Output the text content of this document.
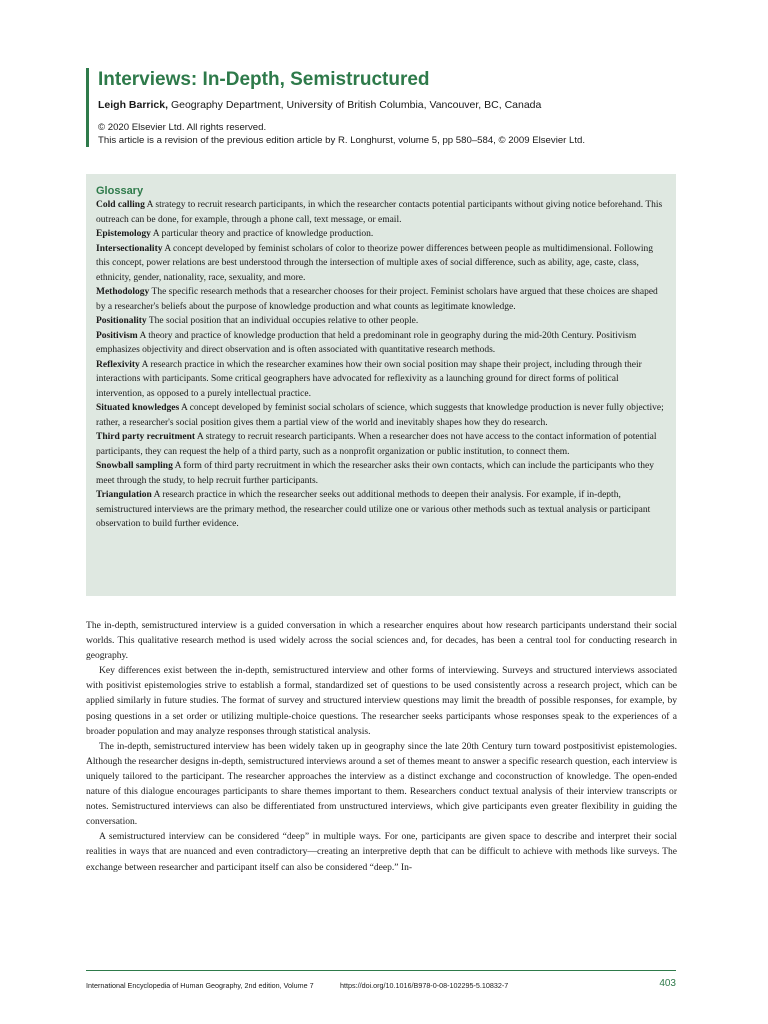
Interviews: In-Depth, Semistructured
Leigh Barrick, Geography Department, University of British Columbia, Vancouver, BC, Canada
© 2020 Elsevier Ltd. All rights reserved.
This article is a revision of the previous edition article by R. Longhurst, volume 5, pp 580–584, © 2009 Elsevier Ltd.
Glossary

Cold calling A strategy to recruit research participants, in which the researcher contacts potential participants without giving notice beforehand. This outreach can be done, for example, through a phone call, text message, or email.

Epistemology A particular theory and practice of knowledge production.

Intersectionality A concept developed by feminist scholars of color to theorize power differences between people as multidimensional. Following this concept, power relations are best understood through the intersection of multiple axes of social difference, such as ability, age, caste, class, ethnicity, gender, nationality, race, sexuality, and more.

Methodology The specific research methods that a researcher chooses for their project. Feminist scholars have argued that these choices are shaped by a researcher's beliefs about the purpose of knowledge production and what counts as legitimate knowledge.

Positionality The social position that an individual occupies relative to other people.

Positivism A theory and practice of knowledge production that held a predominant role in geography during the mid-20th Century. Positivism emphasizes objectivity and direct observation and is often associated with quantitative research methods.

Reflexivity A research practice in which the researcher examines how their own social position may shape their project, including through their interactions with participants. Some critical geographers have advocated for reflexivity as a launching ground for direct forms of political intervention, as opposed to a purely intellectual practice.

Situated knowledges A concept developed by feminist social scholars of science, which suggests that knowledge production is never fully objective; rather, a researcher's social position gives them a partial view of the world and inevitably shapes how they do research.

Third party recruitment A strategy to recruit research participants. When a researcher does not have access to the contact information of potential participants, they can request the help of a third party, such as a nonprofit organization or public institution, to connect them.

Snowball sampling A form of third party recruitment in which the researcher asks their own contacts, which can include the participants who they meet through the study, to help recruit further participants.

Triangulation A research practice in which the researcher seeks out additional methods to deepen their analysis. For example, if in-depth, semistructured interviews are the primary method, the researcher could utilize one or various other methods such as textual analysis or participant observation to build further evidence.

The in-depth, semistructured interview is a guided conversation in which a researcher enquires about how research participants understand their social worlds. This qualitative research method is used widely across the social sciences and, for decades, has been a central tool for conducting research in geography.

Key differences exist between the in-depth, semistructured interview and other forms of interviewing. Surveys and structured interviews associated with positivist epistemologies strive to establish a formal, standardized set of questions to be used consistently across a research project, which can be applied similarly in future studies. The format of survey and structured interview questions may limit the breadth of possible responses, for example, by posing questions in a set order or utilizing multiple-choice questions. The researcher seeks participants whose responses speak to the experiences of a broader population and may analyze responses through statistical analysis.

The in-depth, semistructured interview has been widely taken up in geography since the late 20th Century turn toward postpositivist epistemologies. Although the researcher designs in-depth, semistructured interviews around a set of themes meant to answer a specific research question, each interview is uniquely tailored to the participant. The researcher approaches the interview as a distinct exchange and coconstruction of knowledge. The open-ended nature of this dialogue encourages participants to share themes important to them. Researchers conduct textual analysis of their interview transcripts or notes. Semistructured interviews can also be differentiated from unstructured interviews, which give participants even greater flexibility in guiding the conversation.

A semistructured interview can be considered “deep” in multiple ways. For one, participants are given space to describe and interpret their social realities in ways that are nuanced and even contradictory—creating an interpretive depth that can be difficult to achieve with methods like surveys. The exchange between researcher and participant itself can also be considered “deep.” In-

International Encyclopedia of Human Geography, 2nd edition, Volume 7	https://doi.org/10.1016/B978-0-08-102295-5.10832-7	403
